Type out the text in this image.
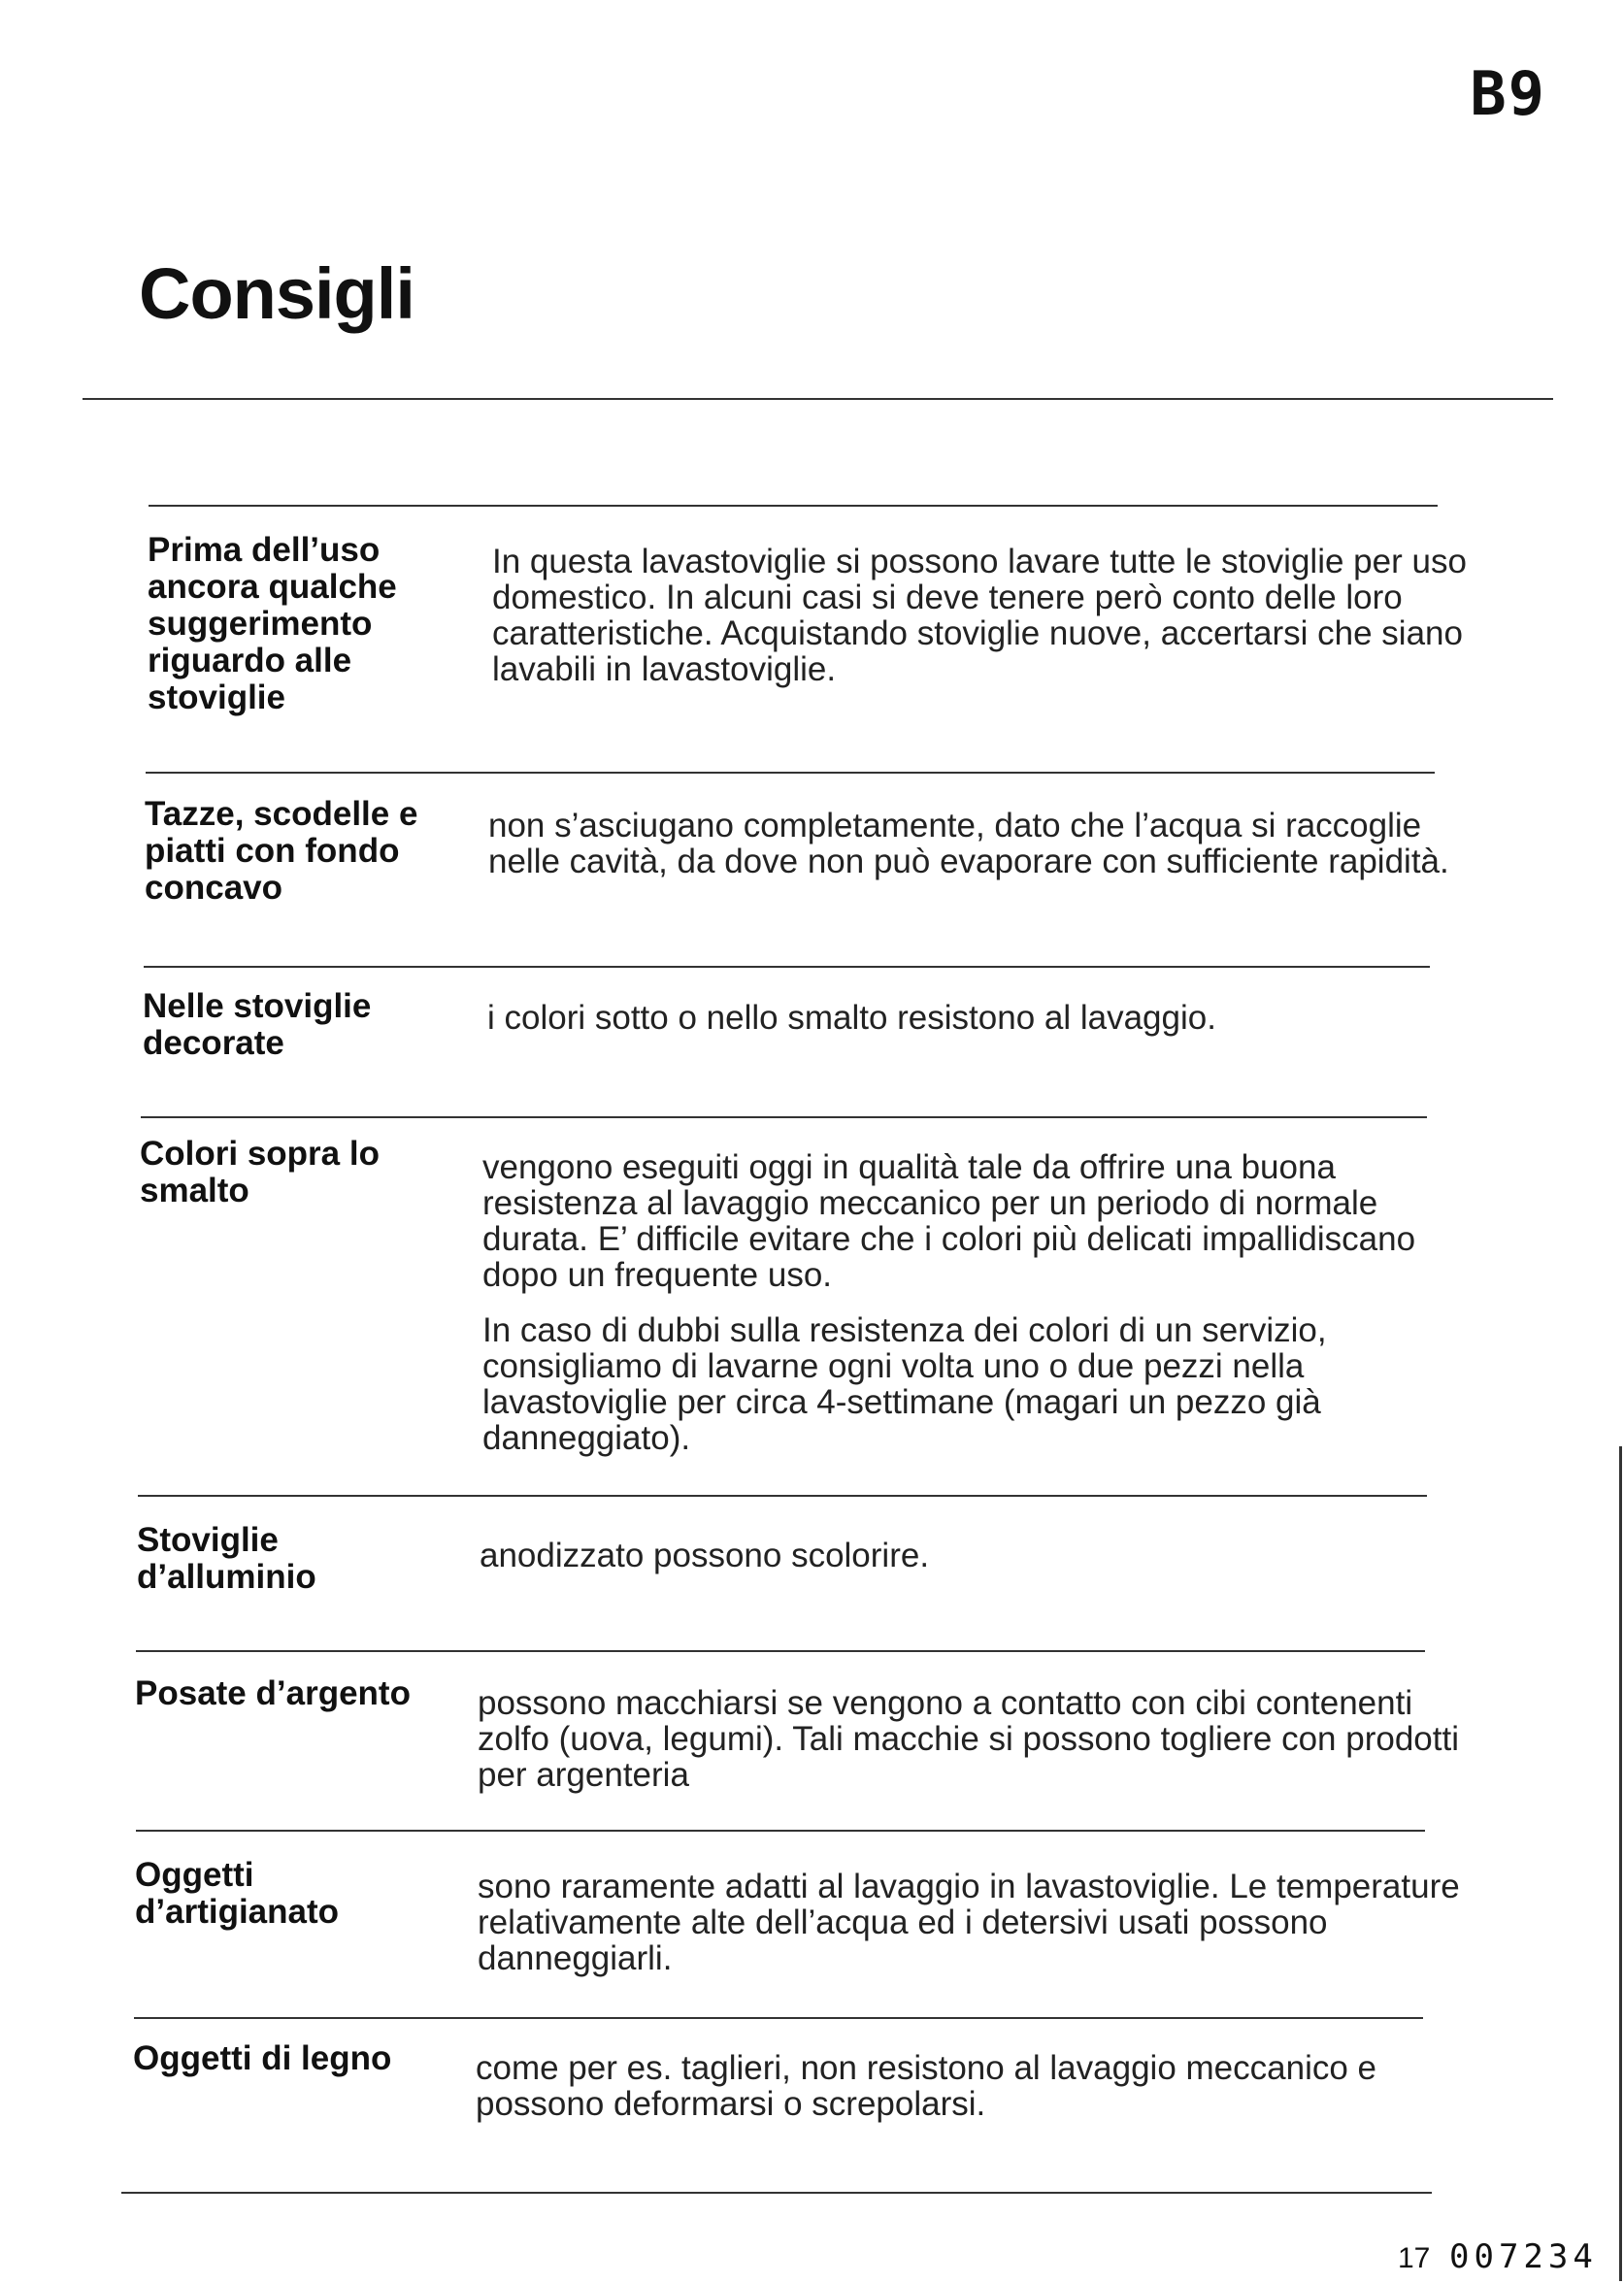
B9
Consigli
Prima dell’uso
ancora qualche
suggerimento
riguardo alle
stoviglie

In questa lavastoviglie si possono lavare tutte le stoviglie per uso domestico. In alcuni casi si deve tenere però conto delle loro caratteristiche. Acquistando stoviglie nuove, accertarsi che siano lavabili in lavastoviglie.

Tazze, scodelle e
piatti con fondo
concavo

non s’asciugano completamente, dato che l’acqua si raccoglie nelle cavità, da dove non può evaporare con sufficiente rapidità.

Nelle stoviglie
decorate

i colori sotto o nello smalto resistono al lavaggio.

Colori sopra lo
smalto

vengono eseguiti oggi in qualità tale da offrire una buona resistenza al lavaggio meccanico per un periodo di normale durata. E’ difficile evitare che i colori più delicati impallidiscano dopo un frequente uso.

In caso di dubbi sulla resistenza dei colori di un servizio, consigliamo di lavarne ogni volta uno o due pezzi nella lavastoviglie per circa 4-settimane (magari un pezzo già danneggiato).

Stoviglie
d’alluminio

anodizzato possono scolorire.

Posate d’argento	possono macchiarsi se vengono a contatto con cibi contenenti zolfo (uova, legumi). Tali macchie si possono togliere con prodotti per argenteria

Oggetti
d’artigianato

sono raramente adatti al lavaggio in lavastoviglie. Le temperature relativamente alte dell’acqua ed i detersivi usati possono danneggiarli.

Oggetti di legno	come per es. taglieri, non resistono al lavaggio meccanico e possono deformarsi o screpolarsi.

17 007234
